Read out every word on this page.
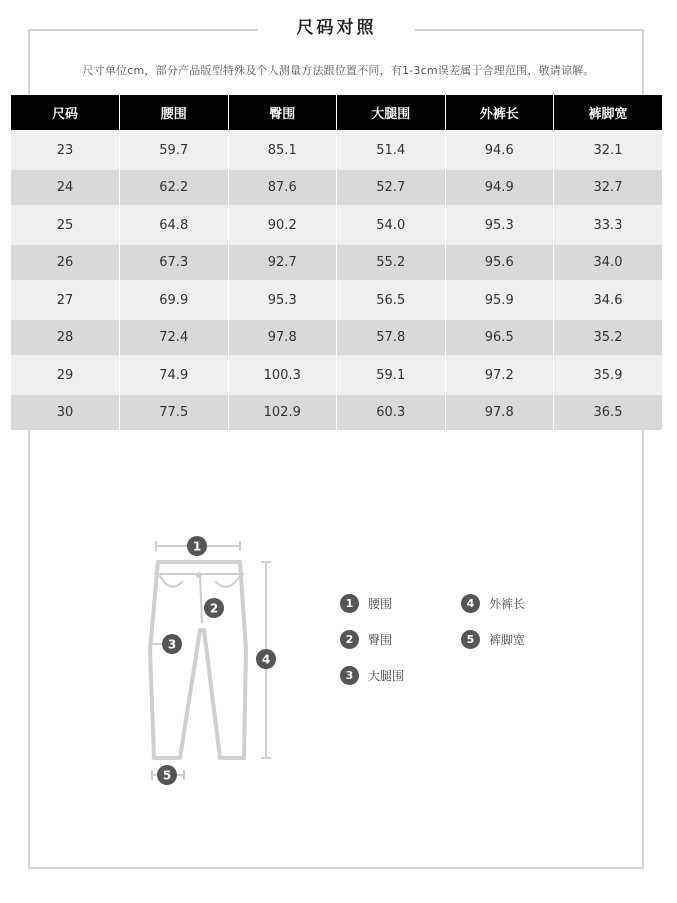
尺码对照
尺寸单位cm，部分产品版型特殊及个人测量方法跟位置不同，有1-3cm误差属于合理范围，敬请谅解。
尺码	腰围	臀围	大腿围	外裤长	裤脚宽
23	59.7	85.1	51.4	94.6	32.1
24	62.2	87.6	52.7	94.9	32.7
25	64.8	90.2	54.0	95.3	33.3
26	67.3	92.7	55.2	95.6	34.0
27	69.9	95.3	56.5	95.9	34.6
28	72.4	97.8	57.8	96.5	35.2
29	74.9	100.3	59.1	97.2	35.9
30	77.5	102.9	60.3	97.8	36.5
1
2
3
4
5
1	腰围	4	外裤长
2	臀围	5	裤脚宽
3	大腿围
